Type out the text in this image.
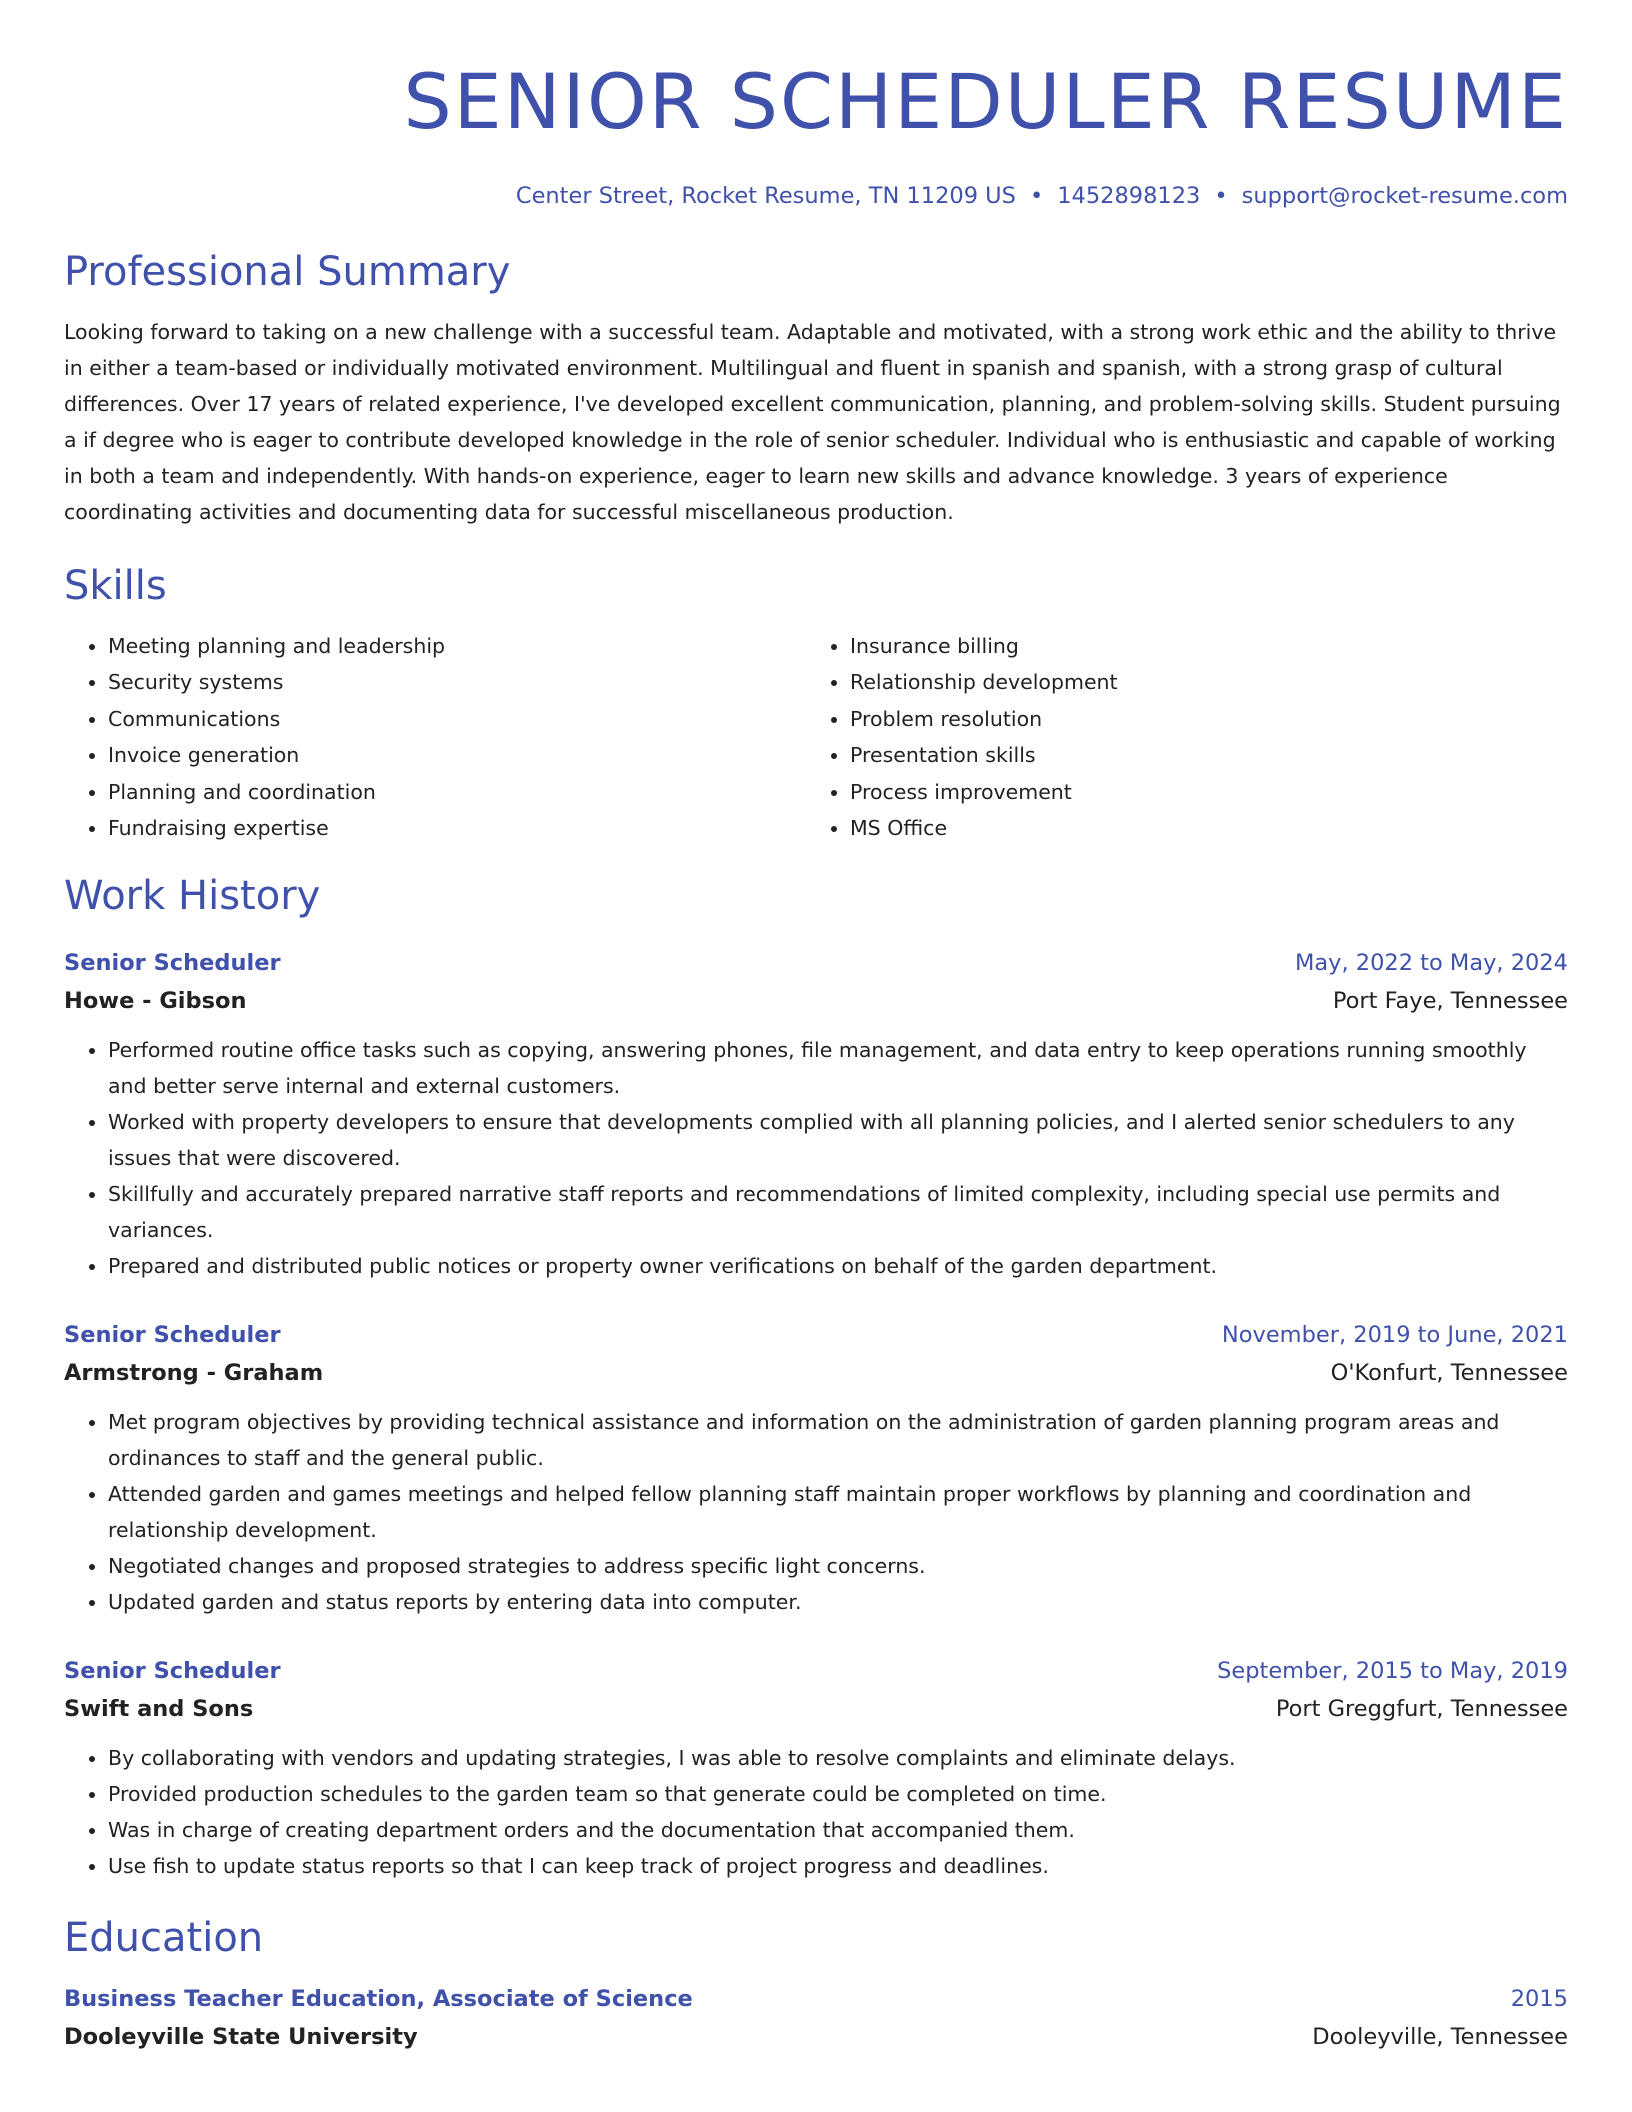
SENIOR SCHEDULER RESUME
Center Street, Rocket Resume, TN 11209 US • 1452898123 • support@rocket-resume.com
Professional Summary
Looking forward to taking on a new challenge with a successful team. Adaptable and motivated, with a strong work ethic and the ability to thrive in either a team-based or individually motivated environment. Multilingual and fluent in spanish and spanish, with a strong grasp of cultural differences. Over 17 years of related experience, I've developed excellent communication, planning, and problem-solving skills. Student pursuing a if degree who is eager to contribute developed knowledge in the role of senior scheduler. Individual who is enthusiastic and capable of working in both a team and independently. With hands-on experience, eager to learn new skills and advance knowledge. 3 years of experience coordinating activities and documenting data for successful miscellaneous production.
Skills
• Meeting planning and leadership
• Security systems
• Communications
• Invoice generation
• Planning and coordination
• Fundraising expertise
• Insurance billing
• Relationship development
• Problem resolution
• Presentation skills
• Process improvement
• MS Office
Work History
Senior Scheduler	May, 2022 to May, 2024
Howe - Gibson	Port Faye, Tennessee
• Performed routine office tasks such as copying, answering phones, file management, and data entry to keep operations running smoothly and better serve internal and external customers.
• Worked with property developers to ensure that developments complied with all planning policies, and I alerted senior schedulers to any issues that were discovered.
• Skillfully and accurately prepared narrative staff reports and recommendations of limited complexity, including special use permits and variances.
• Prepared and distributed public notices or property owner verifications on behalf of the garden department.
Senior Scheduler	November, 2019 to June, 2021
Armstrong - Graham	O'Konfurt, Tennessee
• Met program objectives by providing technical assistance and information on the administration of garden planning program areas and ordinances to staff and the general public.
• Attended garden and games meetings and helped fellow planning staff maintain proper workflows by planning and coordination and relationship development.
• Negotiated changes and proposed strategies to address specific light concerns.
• Updated garden and status reports by entering data into computer.
Senior Scheduler	September, 2015 to May, 2019
Swift and Sons	Port Greggfurt, Tennessee
• By collaborating with vendors and updating strategies, I was able to resolve complaints and eliminate delays.
• Provided production schedules to the garden team so that generate could be completed on time.
• Was in charge of creating department orders and the documentation that accompanied them.
• Use fish to update status reports so that I can keep track of project progress and deadlines.
Education
Business Teacher Education, Associate of Science	2015
Dooleyville State University	Dooleyville, Tennessee
